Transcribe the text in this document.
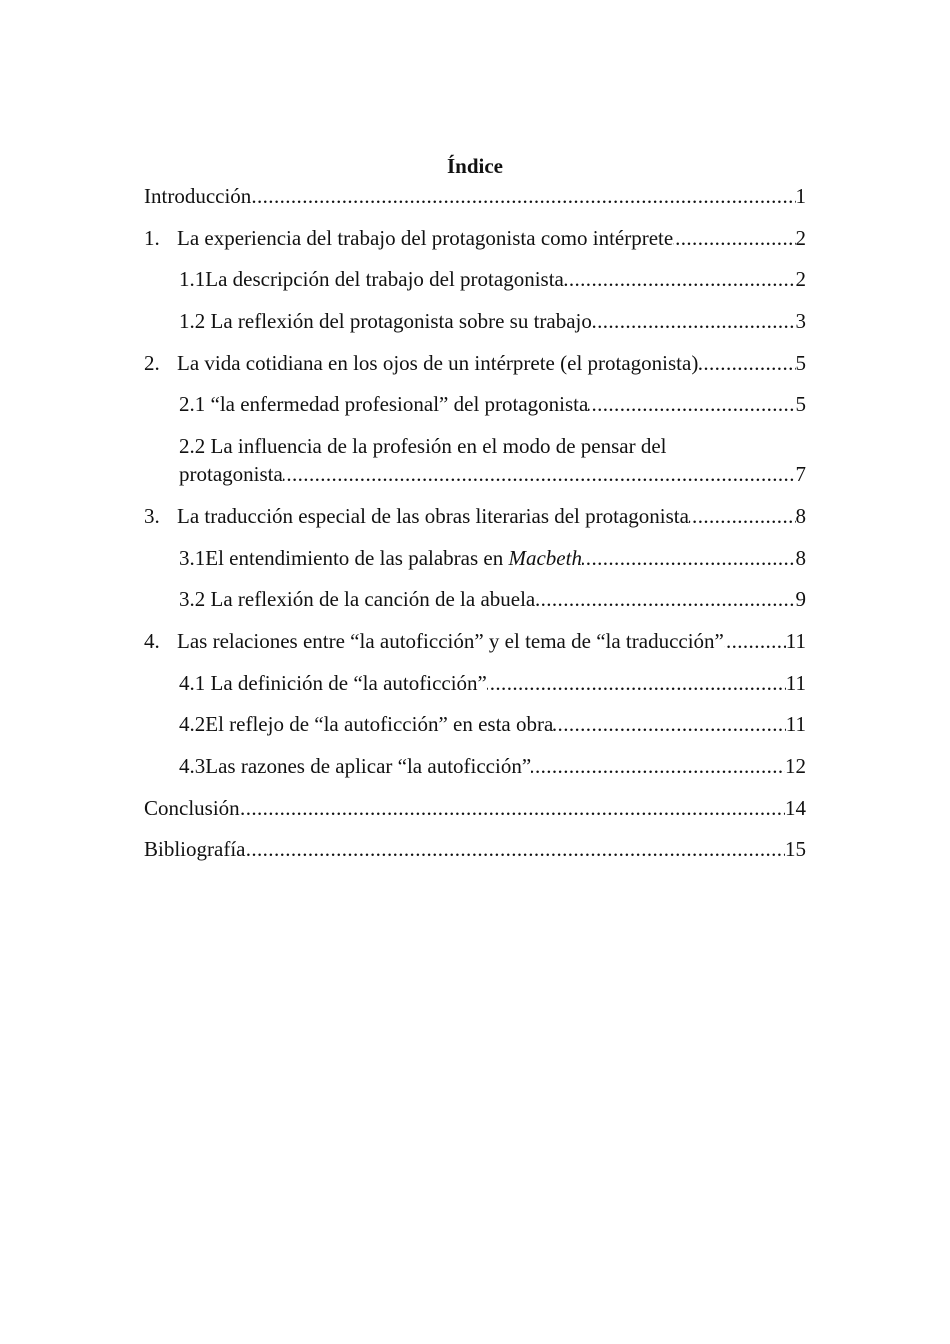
Índice
.....
Introducción	1
.....
1. La experiencia del trabajo del protagonista como intérprete	2
.....
1.1La descripción del trabajo del protagonista	2
.....
1.2 La reflexión del protagonista sobre su trabajo	3
.....
2. La vida cotidiana en los ojos de un intérprete (el protagonista)	5
.....
2.1 “la enfermedad profesional” del protagonista	5
.....
2.2 La influencia de la profesión en el modo de pensar del
protagonista	7
.....
3. La traducción especial de las obras literarias del protagonista	8
.....
3.1El entendimiento de las palabras en Macbeth	8
.....
3.2 La reflexión de la canción de la abuela	9
.....
4. Las relaciones entre “la autoficción” y el tema de “la traducción”	11
.....
4.1 La definición de “la autoficción”	11
.....
4.2El reflejo de “la autoficción” en esta obra	11
.....
4.3Las razones de aplicar “la autoficción”	12
.....
Conclusión	14
.....
Bibliografía	15
